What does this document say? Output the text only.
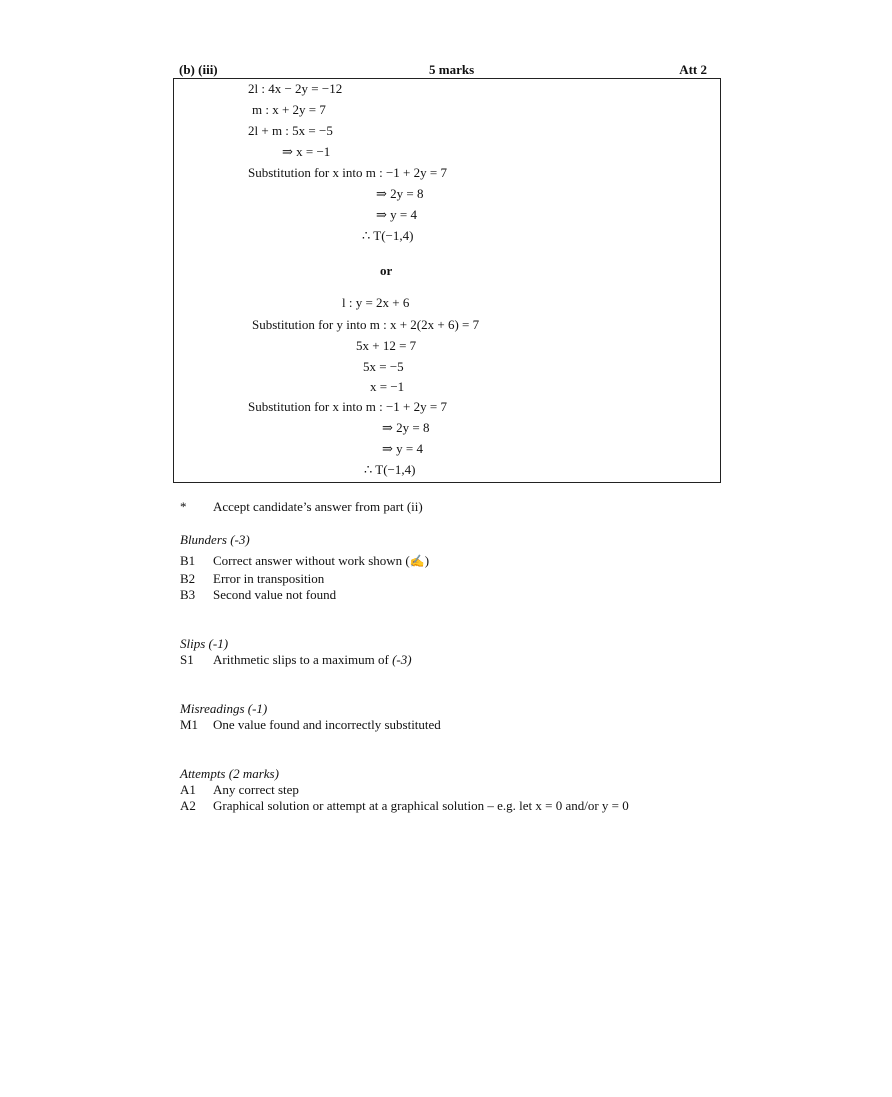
(b) (iii)	5 marks	Att 2
2l : 4x − 2y = −12
m : x + 2y = 7
2l + m : 5x = −5
⇒ x = −1
Substitution for x into m : −1 + 2y = 7
⇒ 2y = 8
⇒ y = 4
∴ T(−1,4)
or
l : y = 2x + 6
Substitution for y into m : x + 2(2x + 6) = 7
5x + 12 = 7
5x = −5
x = −1
Substitution for x into m : −1 + 2y = 7
⇒ 2y = 8
⇒ y = 4
∴ T(−1,4)
* Accept candidate’s answer from part (ii)
Blunders (-3)
B1 Correct answer without work shown (✍)
B2 Error in transposition
B3 Second value not found
Slips (-1)
S1 Arithmetic slips to a maximum of (-3)
Misreadings (-1)
M1 One value found and incorrectly substituted
Attempts (2 marks)
A1 Any correct step
A2 Graphical solution or attempt at a graphical solution – e.g. let x = 0 and/or y = 0
